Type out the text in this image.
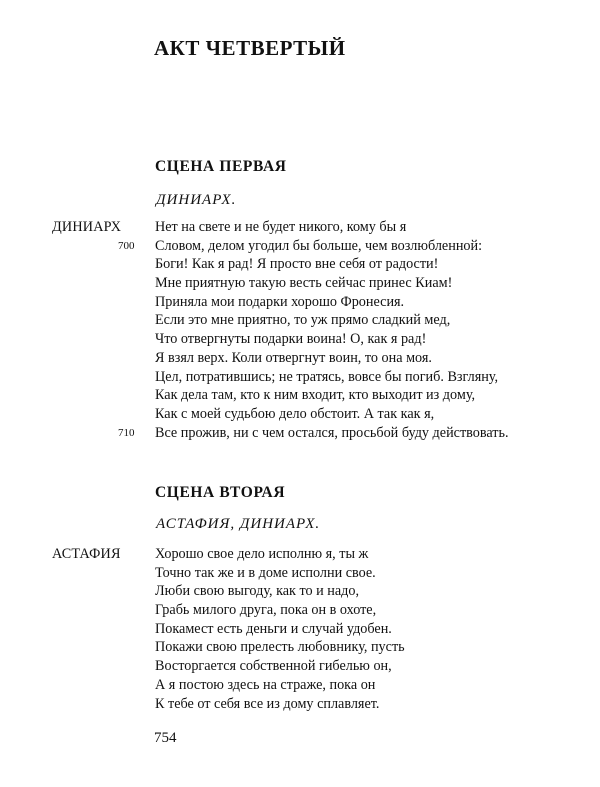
АКТ ЧЕТВЕРТЫЙ
СЦЕНА ПЕРВАЯ
ДИНИАРХ.
ДИНИАРХ Нет на свете и не будет никого, кому бы я
700 Словом, делом угодил бы больше, чем возлюбленной:
Боги! Как я рад! Я просто вне себя от радости!
Мне приятную такую весть сейчас принес Киам!
Приняла мои подарки хорошо Фронесия.
Если это мне приятно, то уж прямо сладкий мед,
Что отвергнуты подарки воина! О, как я рад!
Я взял верх. Коли отвергнут воин, то она моя.
Цел, потратившись; не тратясь, вовсе бы погиб. Взгляну,
Как дела там, кто к ним входит, кто выходит из дому,
Как с моей судьбою дело обстоит. А так как я,
710 Все прожив, ни с чем остался, просьбой буду действовать.
СЦЕНА ВТОРАЯ
АСТАФИЯ, ДИНИАРХ.
АСТАФИЯ Хорошо свое дело исполню я, ты ж
Точно так же и в доме исполни свое.
Люби свою выгоду, как то и надо,
Грабь милого друга, пока он в охоте,
Покамест есть деньги и случай удобен.
Покажи свою прелесть любовнику, пусть
Восторгается собственной гибелью он,
А я постою здесь на страже, пока он
К тебе от себя все из дому сплавляет.
754
